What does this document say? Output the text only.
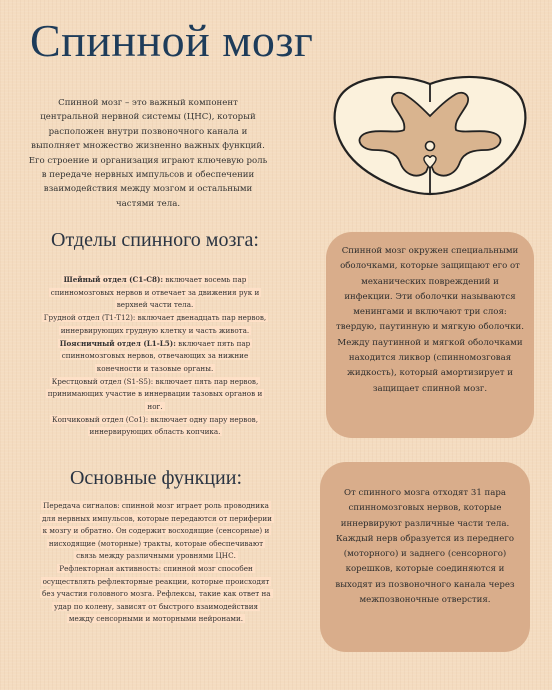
Спинной мозг
Спинной мозг – это важный компонент центральной нервной системы (ЦНС), который расположен внутри позвоночного канала и выполняет множество жизненно важных функций. Его строение и организация играют ключевую роль в передаче нервных импульсов и обеспечении взаимодействия между мозгом и остальными частями тела.
Отделы спинного мозга:

Шейный отдел (C1-C8): включает восемь пар спинномозговых нервов и отвечает за движения рук и верхней части тела.

Грудной отдел (T1-T12): включает двенадцать пар нервов, иннервирующих грудную клетку и часть живота.

Поясничный отдел (L1-L5): включает пять пар спинномозговых нервов, отвечающих за нижние конечности и тазовые органы.

Крестцовый отдел (S1-S5): включает пять пар нервов, принимающих участие в иннервации тазовых органов и ног.

Копчиковый отдел (Co1): включает одну пару нервов, иннервирующих область копчика.

Основные функции:

Передача сигналов: спинной мозг играет роль проводника для нервных импульсов, которые передаются от периферии к мозгу и обратно. Он содержит восходящие (сенсорные) и нисходящие (моторные) тракты, которые обеспечивают связь между различными уровнями ЦНС.

Рефлекторная активность: спинной мозг способен осуществлять рефлекторные реакции, которые происходят без участия головного мозга. Рефлексы, такие как ответ на удар по колену, зависят от быстрого взаимодействия между сенсорными и моторными нейронами.

Спинной мозг окружен специальными оболочками, которые защищают его от механических повреждений и инфекции. Эти оболочки называются менингами и включают три слоя: твердую, паутинную и мягкую оболочки. Между паутинной и мягкой оболочками находится ликвор (спинномозговая жидкость), который амортизирует и защищает спинной мозг.
От спинного мозга отходят 31 пара спинномозговых нервов, которые иннервируют различные части тела. Каждый нерв образуется из переднего (моторного) и заднего (сенсорного) корешков, которые соединяются и выходят из позвоночного канала через межпозвоночные отверстия.
